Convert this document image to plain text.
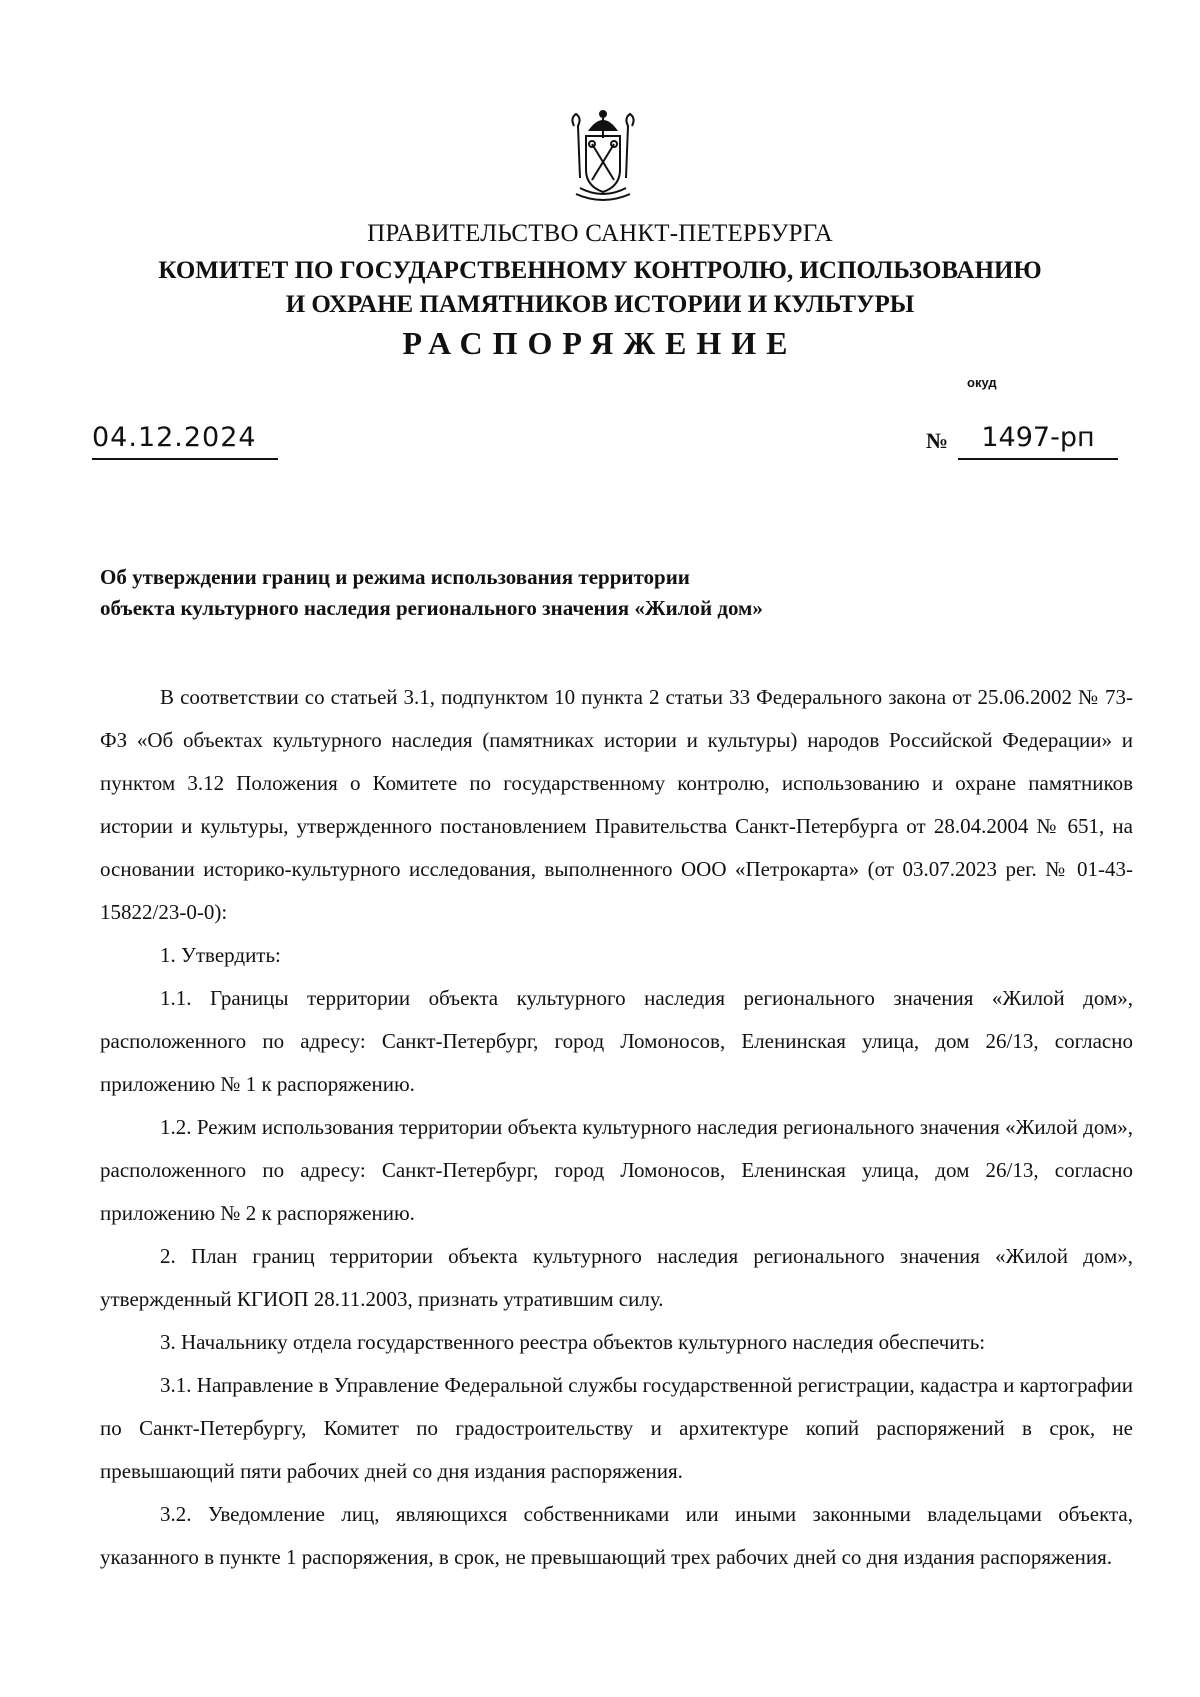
ПРАВИТЕЛЬСТВО САНКТ-ПЕТЕРБУРГА
КОМИТЕТ ПО ГОСУДАРСТВЕННОМУ КОНТРОЛЮ, ИСПОЛЬЗОВАНИЮ
И ОХРАНЕ ПАМЯТНИКОВ ИСТОРИИ И КУЛЬТУРЫ
РАСПОРЯЖЕНИЕ
окуд
04.12.2024	№	1497-рп
Об утверждении границ и режима использования территории
объекта культурного наследия регионального значения «Жилой дом»

В соответствии со статьей 3.1, подпунктом 10 пункта 2 статьи 33 Федерального закона от 25.06.2002 № 73-ФЗ «Об объектах культурного наследия (памятниках истории и культуры) народов Российской Федерации» и пунктом 3.12 Положения о Комитете по государственному контролю, использованию и охране памятников истории и культуры, утвержденного постановлением Правительства Санкт-Петербурга от 28.04.2004 № 651, на основании историко-культурного исследования, выполненного ООО «Петрокарта» (от 03.07.2023 рег. № 01-43-15822/23-0-0):

1. Утвердить:

1.1. Границы территории объекта культурного наследия регионального значения «Жилой дом», расположенного по адресу: Санкт-Петербург, город Ломоносов, Еленинская улица, дом 26/13, согласно приложению № 1 к распоряжению.

1.2. Режим использования территории объекта культурного наследия регионального значения «Жилой дом», расположенного по адресу: Санкт-Петербург, город Ломоносов, Еленинская улица, дом 26/13, согласно приложению № 2 к распоряжению.

2. План границ территории объекта культурного наследия регионального значения «Жилой дом», утвержденный КГИОП 28.11.2003, признать утратившим силу.

3. Начальнику отдела государственного реестра объектов культурного наследия обеспечить:

3.1. Направление в Управление Федеральной службы государственной регистрации, кадастра и картографии по Санкт-Петербургу, Комитет по градостроительству и архитектуре копий распоряжений в срок, не превышающий пяти рабочих дней со дня издания распоряжения.

3.2. Уведомление лиц, являющихся собственниками или иными законными владельцами объекта, указанного в пункте 1 распоряжения, в срок, не превышающий трех рабочих дней со дня издания распоряжения.
